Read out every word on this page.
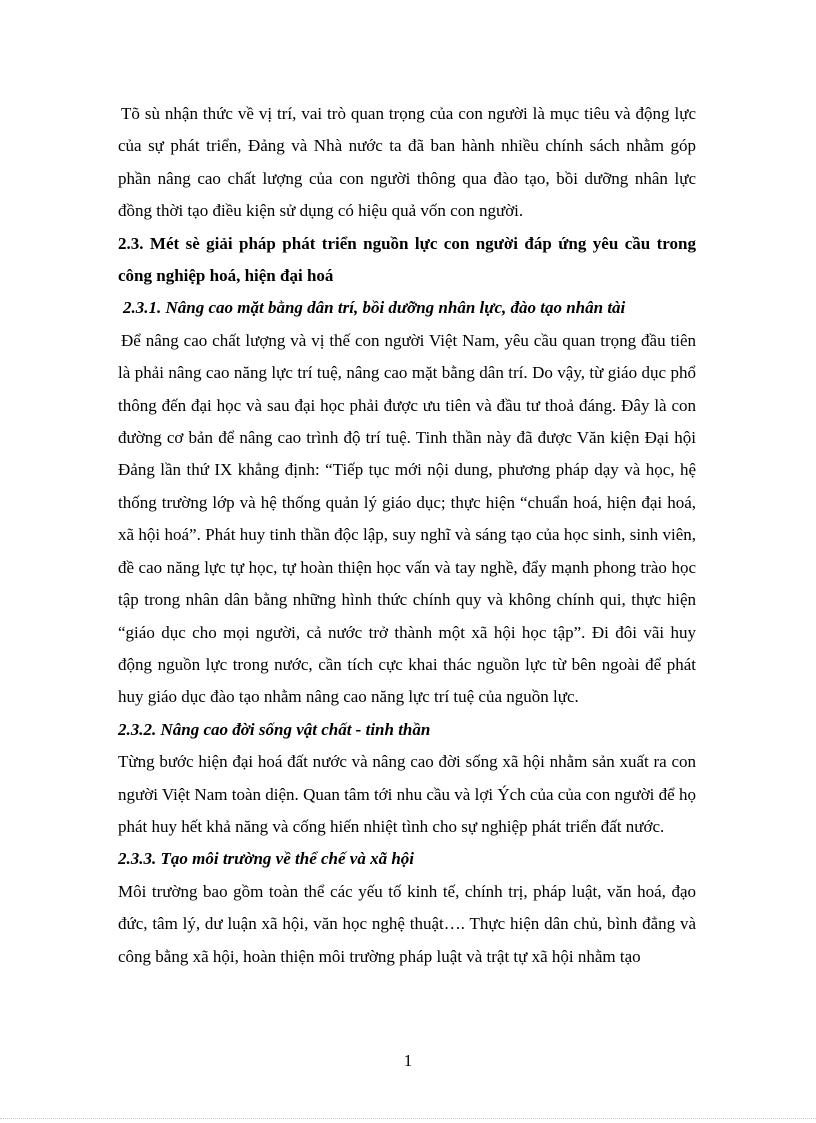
Tõ sù nhận thức về vị trí, vai trò quan trọng của con người là mục tiêu và động lực của sự phát triển, Đảng và Nhà nước ta đã ban hành nhiều chính sách nhằm góp phần nâng cao chất lượng của con người thông qua đào tạo, bồi dưỡng nhân lực đồng thời tạo điều kiện sử dụng có hiệu quả vốn con người.

2.3. Mét sè giải pháp phát triển nguồn lực con người đáp ứng yêu cầu trong công nghiệp hoá, hiện đại hoá

2.3.1. Nâng cao mặt bằng dân trí, bồi dưỡng nhân lực, đào tạo nhân tài

Để nâng cao chất lượng và vị thế con người Việt Nam, yêu cầu quan trọng đầu tiên là phải nâng cao năng lực trí tuệ, nâng cao mặt bằng dân trí. Do vậy, từ giáo dục phổ thông đến đại học và sau đại học phải được ưu tiên và đầu tư thoả đáng. Đây là con đường cơ bản để nâng cao trình độ trí tuệ. Tinh thần này đã được Văn kiện Đại hội Đảng lần thứ IX khẳng định: “Tiếp tục mới nội dung, phương pháp dạy và học, hệ thống trường lớp và hệ thống quản lý giáo dục; thực hiện “chuẩn hoá, hiện đại hoá, xã hội hoá”. Phát huy tinh thần độc lập, suy nghĩ và sáng tạo của học sinh, sinh viên, đề cao năng lực tự học, tự hoàn thiện học vấn và tay nghề, đẩy mạnh phong trào học tập trong nhân dân bằng những hình thức chính quy và không chính qui, thực hiện “giáo dục cho mọi người, cả nước trở thành một xã hội học tập”. Đi đôi vãi huy động nguồn lực trong nước, cần tích cực khai thác nguồn lực từ bên ngoài để phát huy giáo dục đào tạo nhằm nâng cao năng lực trí tuệ của nguồn lực.

2.3.2. Nâng cao đời sống vật chất - tinh thần

Từng bước hiện đại hoá đất nước và nâng cao đời sống xã hội nhằm sản xuất ra con người Việt Nam toàn diện. Quan tâm tới nhu cầu và lợi Ých của của con người để họ phát huy hết khả năng và cống hiến nhiệt tình cho sự nghiệp phát triển đất nước.

2.3.3. Tạo môi trường về thể chế và xã hội

Môi trường bao gồm toàn thể các yếu tố kinh tế, chính trị, pháp luật, văn hoá, đạo đức, tâm lý, dư luận xã hội, văn học nghệ thuật…. Thực hiện dân chủ, bình đẳng và công bằng xã hội, hoàn thiện môi trường pháp luật và trật tự xã hội nhằm tạo

1
